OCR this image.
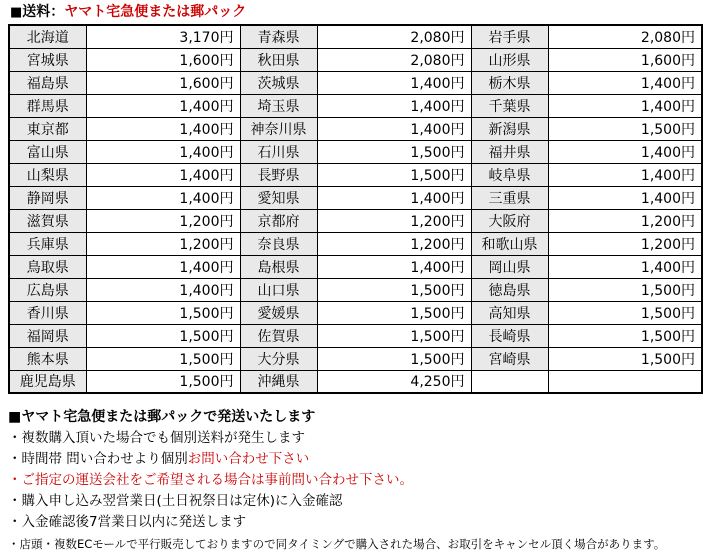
■送料：ヤマト宅急便または郵パック
北海道	3,170円	青森県	2,080円	岩手県	2,080円
宮城県	1,600円	秋田県	2,080円	山形県	1,600円
福島県	1,600円	茨城県	1,400円	栃木県	1,400円
群馬県	1,400円	埼玉県	1,400円	千葉県	1,400円
東京都	1,400円	神奈川県	1,400円	新潟県	1,500円
富山県	1,400円	石川県	1,500円	福井県	1,400円
山梨県	1,400円	長野県	1,500円	岐阜県	1,400円
静岡県	1,400円	愛知県	1,400円	三重県	1,400円
滋賀県	1,200円	京都府	1,200円	大阪府	1,200円
兵庫県	1,200円	奈良県	1,200円	和歌山県	1,200円
鳥取県	1,400円	島根県	1,400円	岡山県	1,400円
広島県	1,400円	山口県	1,500円	徳島県	1,500円
香川県	1,500円	愛媛県	1,500円	高知県	1,500円
福岡県	1,500円	佐賀県	1,500円	長崎県	1,500円
熊本県	1,500円	大分県	1,500円	宮崎県	1,500円
鹿児島県	1,500円	沖縄県	4,250円		
■ヤマト宅急便または郵パックで発送いたします
・複数購入頂いた場合でも個別送料が発生します
・時間帯 問い合わせより個別お問い合わせ下さい
・ご指定の運送会社をご希望される場合は事前問い合わせ下さい。
・購入申し込み翌営業日(土日祝祭日は定休)に入金確認
・入金確認後7営業日以内に発送します
・店頭・複数ECモールで平行販売しておりますので同タイミングで購入された場合、お取引をキャンセル頂く場合があります。
